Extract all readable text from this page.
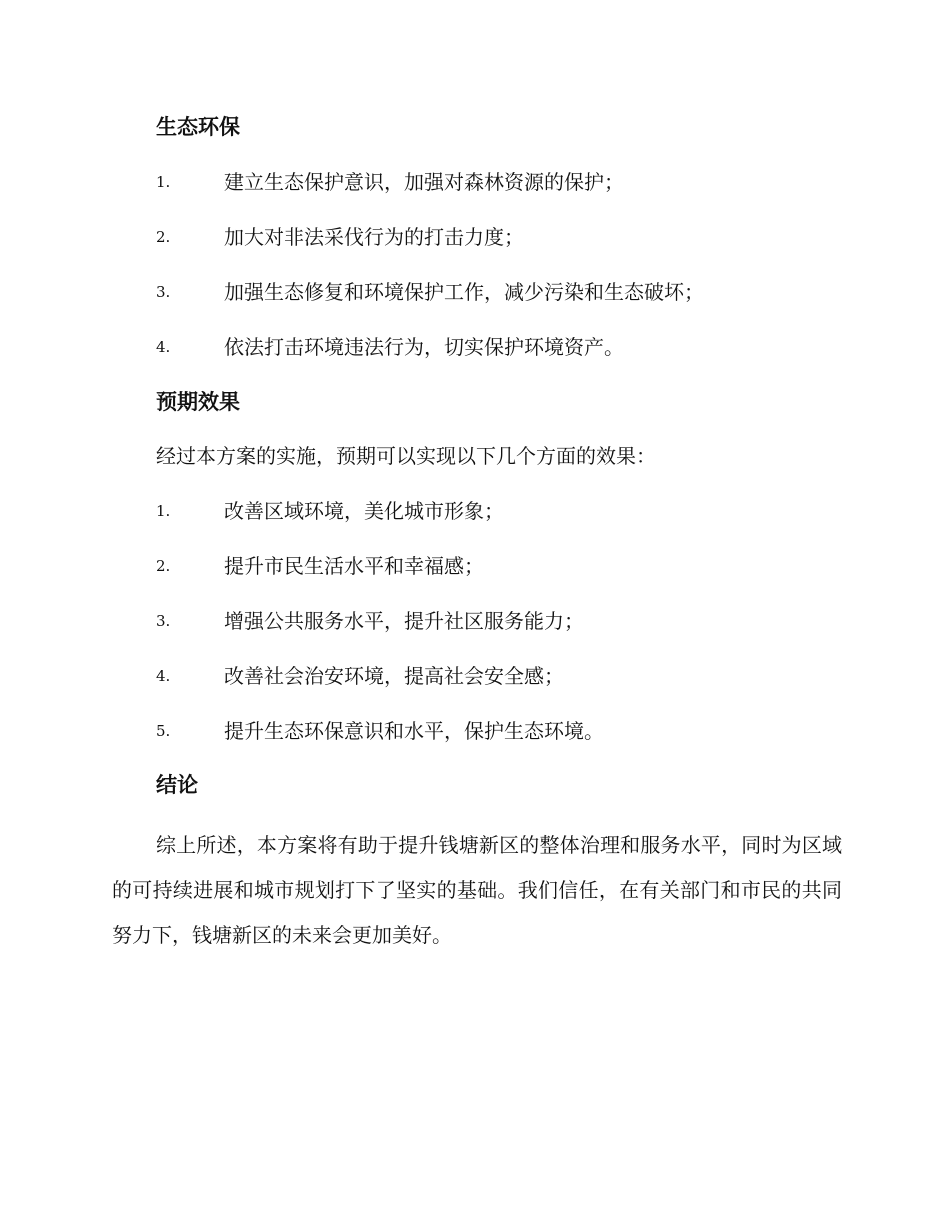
生态环保
1.	建立生态保护意识，加强对森林资源的保护；
2.	加大对非法采伐行为的打击力度；
3.	加强生态修复和环境保护工作，减少污染和生态破坏；
4.	依法打击环境违法行为，切实保护环境资产。
预期效果
经过本方案的实施，预期可以实现以下几个方面的效果：
1.	改善区域环境，美化城市形象；
2.	提升市民生活水平和幸福感；
3.	增强公共服务水平，提升社区服务能力；
4.	改善社会治安环境，提高社会安全感；
5.	提升生态环保意识和水平，保护生态环境。
结论
综上所述，本方案将有助于提升钱塘新区的整体治理和服务水平，同时为区域的可持续进展和城市规划打下了坚实的基础。我们信任，在有关部门和市民的共同努力下，钱塘新区的未来会更加美好。
